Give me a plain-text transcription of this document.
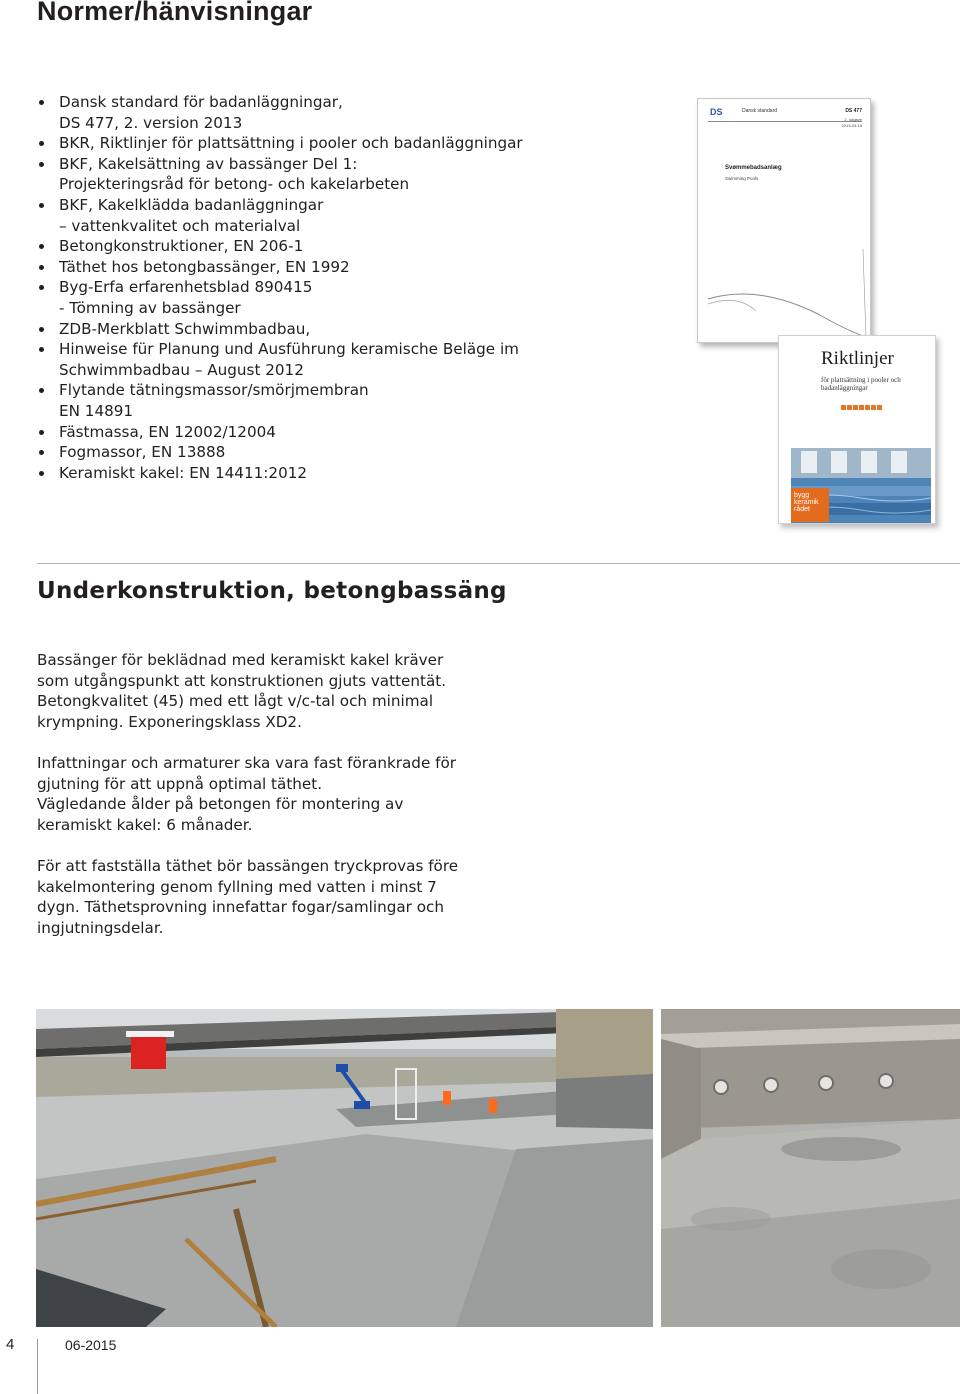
Normer/hänvisningar
Dansk standard för badanläggningar,
DS 477, 2. version 2013
BKR, Riktlinjer för plattsättning i pooler och badanläggningar
BKF, Kakelsättning av bassänger Del 1:
Projekteringsråd för betong- och kakelarbeten
BKF, Kakelklädda badanläggningar
– vattenkvalitet och materialval
Betongkonstruktioner, EN 206-1
Täthet hos betongbassänger, EN 1992
Byg-Erfa erfarenhetsblad 890415
- Tömning av bassänger
ZDB-Merkblatt Schwimmbadbau,
Hinweise für Planung und Ausführung keramische Beläge im
Schwimmbadbau – August 2012
Flytande tätningsmassor/smörjmembran
EN 14891
Fästmassa, EN 12002/12004
Fogmassor, EN 13888
Keramiskt kakel: EN 14411:2012
DS	Dansk standard	DS 477
2. udgave
2013-03-13
Svømmebadsanlæg
Swimming Pools
Riktlinjer
för plattsättning i pooler och badanläggningar
bygg keramik rådet
Underkonstruktion, betongbassäng
Bassänger för beklädnad med keramiskt kakel kräver
som utgångspunkt att konstruktionen gjuts vattentät.
Betongkvalitet (45) med ett lågt v/c-tal och minimal
krympning. Exponeringsklass XD2.
Infattningar och armaturer ska vara fast förankrade för
gjutning för att uppnå optimal täthet.
Vägledande ålder på betongen för montering av
keramiskt kakel: 6 månader.
För att fastställa täthet bör bassängen tryckprovas före
kakelmontering genom fyllning med vatten i minst 7
dygn. Täthetsprovning innefattar fogar/samlingar och
ingjutningsdelar.
4	06-2015
